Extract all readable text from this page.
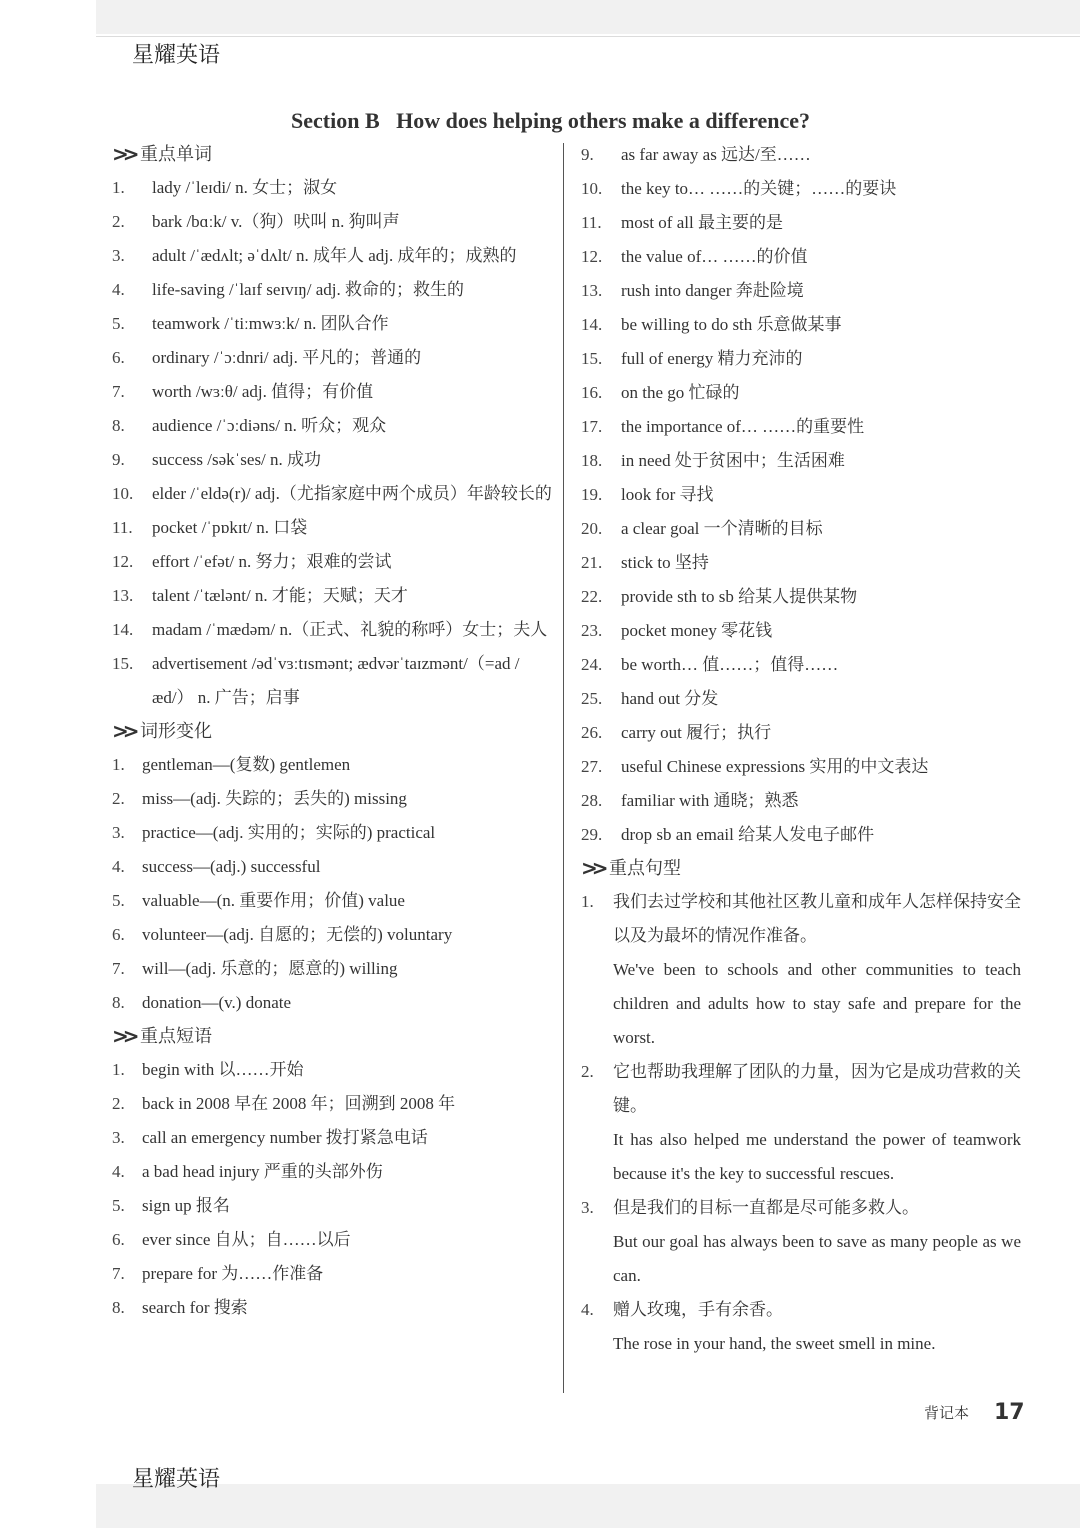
星耀英语
星耀英语
Section B   How does helping others make a difference?
>> 重点单词
1.	lady /ˈleɪdi/ n. 女士；淑女
2.	bark /bɑːk/ v.（狗）吠叫 n. 狗叫声
3.	adult /ˈædʌlt; əˈdʌlt/ n. 成年人 adj. 成年的；成熟的
4.	life-saving /ˈlaɪf seɪvɪŋ/ adj. 救命的；救生的
5.	teamwork /ˈtiːmwɜːk/ n. 团队合作
6.	ordinary /ˈɔːdnri/ adj. 平凡的；普通的
7.	worth /wɜːθ/ adj. 值得；有价值
8.	audience /ˈɔːdiəns/ n. 听众；观众
9.	success /səkˈses/ n. 成功
10.	elder /ˈeldə(r)/ adj.（尤指家庭中两个成员）年龄较长的
11.	pocket /ˈpɒkɪt/ n. 口袋
12.	effort /ˈefət/ n. 努力；艰难的尝试
13.	talent /ˈtælənt/ n. 才能；天赋；天才
14.	madam /ˈmædəm/ n.（正式、礼貌的称呼）女士；夫人
15.	advertisement /ədˈvɜːtɪsmənt; ædvərˈtaɪzmənt/（=ad /æd/） n. 广告；启事
>> 词形变化
1.	gentleman—(复数) gentlemen
2.	miss—(adj. 失踪的；丢失的) missing
3.	practice—(adj. 实用的；实际的) practical
4.	success—(adj.) successful
5.	valuable—(n. 重要作用；价值) value
6.	volunteer—(adj. 自愿的；无偿的) voluntary
7.	will—(adj. 乐意的；愿意的) willing
8.	donation—(v.) donate
>> 重点短语
1.	begin with 以……开始
2.	back in 2008 早在 2008 年；回溯到 2008 年
3.	call an emergency number 拨打紧急电话
4.	a bad head injury 严重的头部外伤
5.	sign up 报名
6.	ever since 自从；自……以后
7.	prepare for 为……作准备
8.	search for 搜索
9.	as far away as 远达/至……
10.	the key to… ……的关键；……的要诀
11.	most of all 最主要的是
12.	the value of… ……的价值
13.	rush into danger 奔赴险境
14.	be willing to do sth 乐意做某事
15.	full of energy 精力充沛的
16.	on the go 忙碌的
17.	the importance of… ……的重要性
18.	in need 处于贫困中；生活困难
19.	look for 寻找
20.	a clear goal 一个清晰的目标
21.	stick to 坚持
22.	provide sth to sb 给某人提供某物
23.	pocket money 零花钱
24.	be worth… 值……；值得……
25.	hand out 分发
26.	carry out 履行；执行
27.	useful Chinese expressions 实用的中文表达
28.	familiar with 通晓；熟悉
29.	drop sb an email 给某人发电子邮件
>> 重点句型
1.	我们去过学校和其他社区教儿童和成年人怎样保持安全以及为最坏的情况作准备。
We've been to schools and other communities to teach children and adults how to stay safe and prepare for the worst.
2.	它也帮助我理解了团队的力量，因为它是成功营救的关键。
It has also helped me understand the power of teamwork because it's the key to successful rescues.
3.	但是我们的目标一直都是尽可能多救人。
But our goal has always been to save as many people as we can.
4.	赠人玫瑰，手有余香。
The rose in your hand, the sweet smell in mine.
背记本 17
